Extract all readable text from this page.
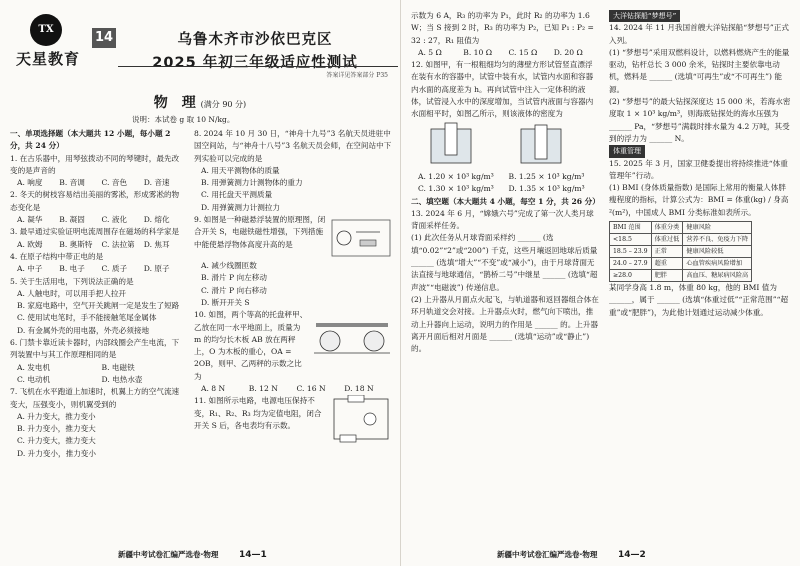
TX
天星教育
14	乌鲁木齐市沙依巴克区
2025 年初三年级适应性测试
答案详见答案部分 P35
物　理 (满分 90 分)
说明：本试卷 g 取 10 N/kg。

一、单项选择题（本大题共 12 小题，每小题 2 分，共 24 分）

1. 在古乐器中，用琴弦拨动不同的琴键时，最先改变的是声音的

A. 响度	B. 音调	C. 音色	D. 音速

2. 冬天的树枝容易结出美丽的雾凇，形成雾凇的物态变化是

A. 凝华	B. 凝固	C. 液化	D. 熔化

3. 最早通过实验证明电流周围存在磁场的科学家是

A. 欧姆	B. 奥斯特	C. 法拉第	D. 焦耳

4. 在原子结构中带正电的是

A. 中子	B. 电子	C. 质子	D. 原子

5. 关于生活用电，下列说法正确的是

A. 人触电时，可以用手把人拉开

B. 家庭电路中，空气开关跳闸一定是发生了短路

C. 使用试电笔时，手不能接触笔尾金属体

D. 有金属外壳的用电器，外壳必须接地

6. 门禁卡靠近读卡器时，内部线圈会产生电流，下列装置中与其工作原理相同的是

A. 发电机	B. 电磁铁
C. 电动机	D. 电热水壶

7. 飞机在水平跑道上加速时，机翼上方的空气流速变大，压强变小，则机翼受到的

A. 升力变大，推力变小

B. 升力变小，推力变大

C. 升力变大，推力变大

D. 升力变小，推力变小

8. 2024 年 10 月 30 日，“神舟十九号”3 名航天员进驻中国空间站，与“神舟十八号”3 名航天员会师，在空间站中下列实验可以完成的是

A. 用天平测物体的质量

B. 用弹簧测力计测物体的重力

C. 用托盘天平测质量

D. 用弹簧测力计测拉力

9. 如图是一种磁悬浮装置的原理图，闭合开关 S，电磁铁磁性增强，下列措施中能使悬浮物体高度升高的是

A. 减少线圈匝数

B. 滑片 P 向左移动

C. 滑片 P 向右移动

D. 断开开关 S

10. 如图，两个等高的托盘秤甲、乙放在同一水平地面上，质量为 m 的均匀长木板 AB 放在两秤上，O 为木板的重心，OA = 2OB，则甲、乙两秤的示数之比为

A. 8 N	B. 12 N	C. 16 N	D. 18 N

11. 如图所示电路，电源电压保持不变，R₁、R₂、R₃ 均为定值电阻，闭合开关 S 后，各电表均有示数。

新疆中考试卷汇编严选卷·物理 14—1

示数为 6 A，R₃ 的功率为 P₁，此时 R₂ 的功率为 1.6 W；当 S 接到 2 时，R₃ 的功率为 P₂，已知 P₁ : P₂ = 32 : 27，R₁ 阻值为

A. 5 Ω	B. 10 Ω	C. 15 Ω	D. 20 Ω

12. 如图甲，有一根粗细均匀的薄壁方形试管竖直漂浮在装有水的容器中，试管中装有水，试管内水面和容器内水面的高度差为 h。再向试管中注入一定体积的液体，试管浸入水中的深度增加，当试管内液面与容器内水面相平时，如图乙所示，则该液体的密度为

A. 1.20 × 10³ kg/m³	B. 1.25 × 10³ kg/m³
C. 1.30 × 10³ kg/m³	D. 1.35 × 10³ kg/m³

二、填空题（本大题共 4 小题，每空 1 分，共 26 分）

13. 2024 年 6 月，“嫦娥六号”完成了第一次人类月球背面采样任务。

(1) 此次任务从月球背面采样约 ______ (选填“0.02”“2”或“200”) 千克，这些月壤返回地球后质量 ______ (选填“增大”“不变”或“减小”)，由于月球背面无法直接与地球通信，“鹊桥二号”中继星 ______ (选填“超声波”“电磁波”) 传递信息。

(2) 上升器从月面点火起飞，与轨道器和返回器组合体在环月轨道交会对接。上升器点火时，燃气向下喷出，推动上升器向上运动，说明力的作用是 ______ 的。上升器离开月面后相对月面是 ______ (选填“运动”或“静止”) 的。

大洋钻探船“梦想号”

14. 2024 年 11 月我国首艘大洋钻探船“梦想号”正式入列。

(1) “梦想号”采用双燃料设计，以燃料燃烧产生的能量驱动，钻杆总长 3 000 余米，钻探时主要依靠电动机，燃料是 ______ (选填“可再生”或“不可再生”) 能源。

(2) “梦想号”的最大钻探深度达 15 000 米，若海水密度取 1 × 10³ kg/m³，则海底钻探处的海水压强为 ______ Pa，“梦想号”满载时排水量为 4.2 万吨，其受到的浮力为 ______ N。

体重管理

15. 2025 年 3 月，国家卫健委提出将持续推进“体重管理年”行动。

(1) BMI (身体质量指数) 是国际上常用的衡量人体胖瘦程度的指标，计算公式为：BMI = 体重(kg) / 身高²(m²)，中国成人 BMI 分类标准如表所示。

BMI 范围	体重分类	健康风险
<18.5	体重过低	营养不良、免疫力下降
18.5 – 23.9	正常	健康风险较低
24.0 – 27.9	超重	心血管疾病风险增加
≥28.0	肥胖	高血压、糖尿病风险高

某同学身高 1.8 m，体重 80 kg，他的 BMI 值为 ______，属于 ______ (选填“体重过低”“正常范围”“超重”或“肥胖”)，为此他计划通过运动减少体重。

新疆中考试卷汇编严选卷·物理 14—2
